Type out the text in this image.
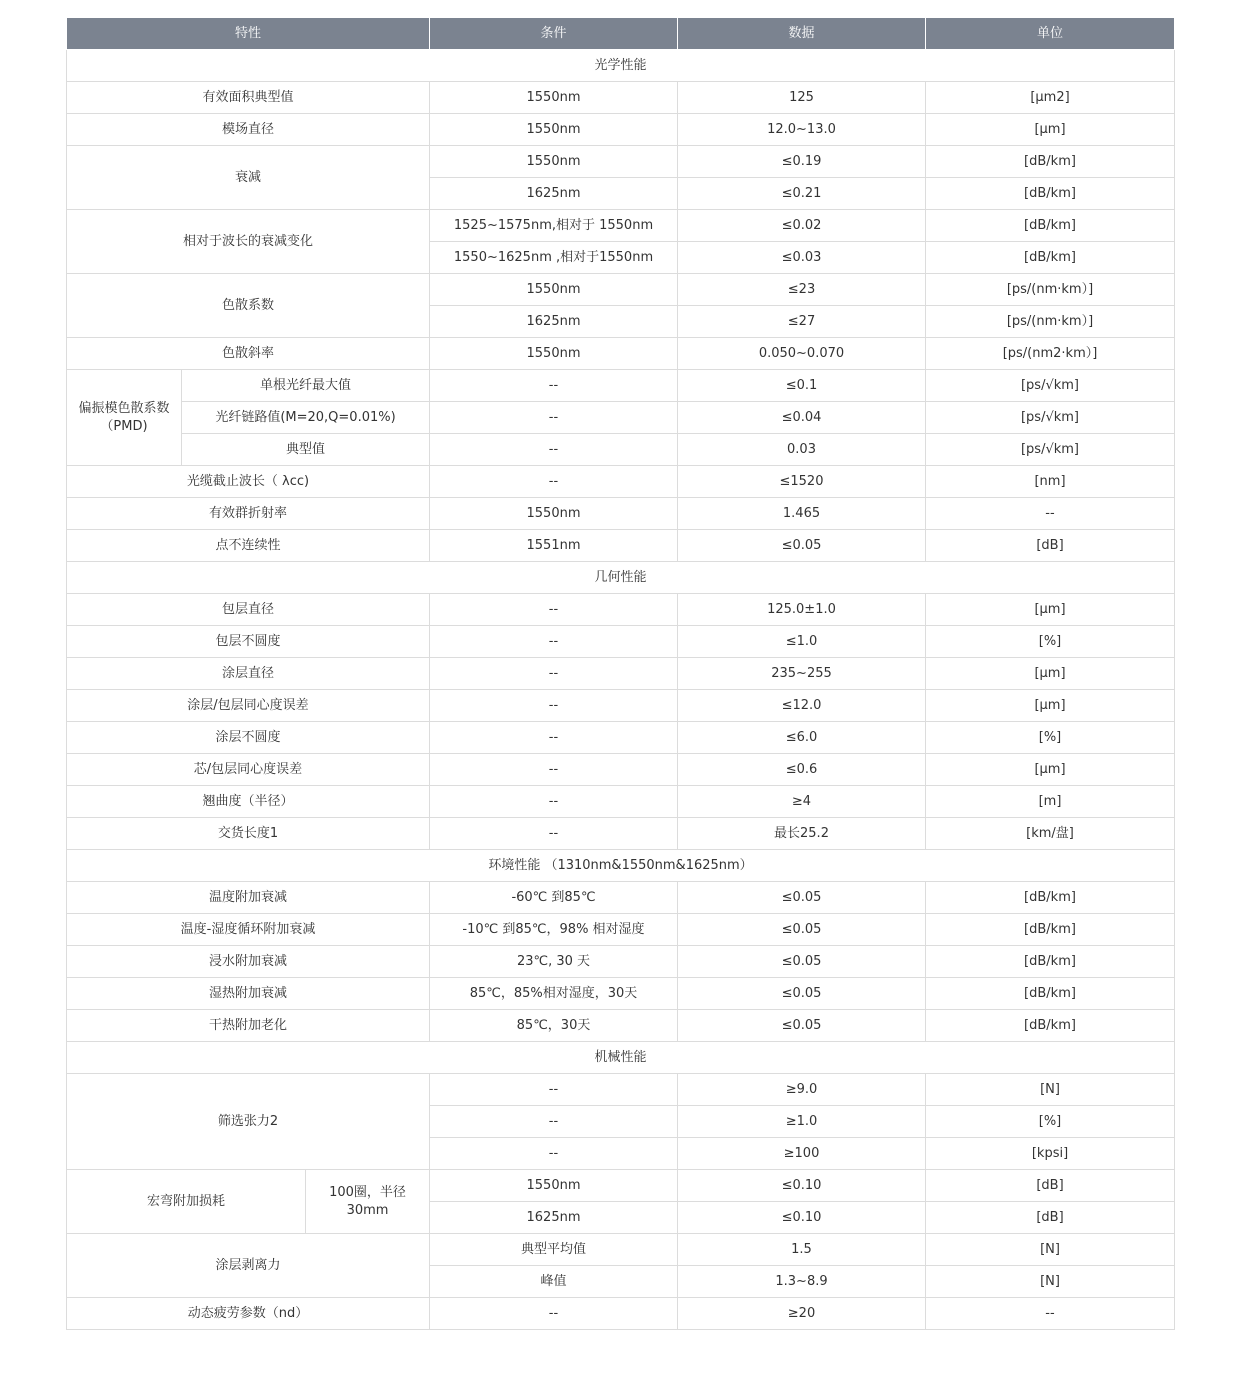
特性			条件	数据	单位
光学性能					
有效面积典型值			1550nm	125	[μm2]
模场直径			1550nm	12.0~13.0	[μm]
衰减			1550nm	≤0.19	[dB/km]
			1625nm	≤0.21	[dB/km]
相对于波长的衰减变化			1525~1575nm,相对于 1550nm	≤0.02	[dB/km]
			1550~1625nm ,相对于1550nm	≤0.03	[dB/km]
色散系数			1550nm	≤23	[ps/(nm·km）]
			1625nm	≤27	[ps/(nm·km）]
色散斜率			1550nm	0.050~0.070	[ps/(nm2·km）]
偏振模色散系数（PMD)	单根光纤最大值		--	≤0.1	[ps/√km]
	光纤链路值(M=20,Q=0.01%)		--	≤0.04	[ps/√km]
	典型值		--	0.03	[ps/√km]
光缆截止波长（ λcc)			--	≤1520	[nm]
有效群折射率			1550nm	1.465	--
点不连续性			1551nm	≤0.05	[dB]
几何性能					
包层直径			--	125.0±1.0	[μm]
包层不圆度			--	≤1.0	[%]
涂层直径			--	235~255	[μm]
涂层/包层同心度误差			--	≤12.0	[μm]
涂层不圆度			--	≤6.0	[%]
芯/包层同心度误差			--	≤0.6	[μm]
翘曲度（半径）			--	≥4	[m]
交货长度1			--	最长25.2	[km/盘]
环境性能 （1310nm&1550nm&1625nm）					
温度附加衰减			-60℃ 到85℃	≤0.05	[dB/km]
温度-湿度循环附加衰减			-10℃ 到85℃，98% 相对湿度	≤0.05	[dB/km]
浸水附加衰减			23℃, 30 天	≤0.05	[dB/km]
湿热附加衰减			85℃，85%相对湿度，30天	≤0.05	[dB/km]
干热附加老化			85℃，30天	≤0.05	[dB/km]
机械性能					
筛选张力2			--	≥9.0	[N]
			--	≥1.0	[%]
			--	≥100	[kpsi]
宏弯附加损耗		100圈，半径30mm	1550nm	≤0.10	[dB]
			1625nm	≤0.10	[dB]
涂层剥离力			典型平均值	1.5	[N]
			峰值	1.3~8.9	[N]
动态疲劳参数（nd）			--	≥20	--
